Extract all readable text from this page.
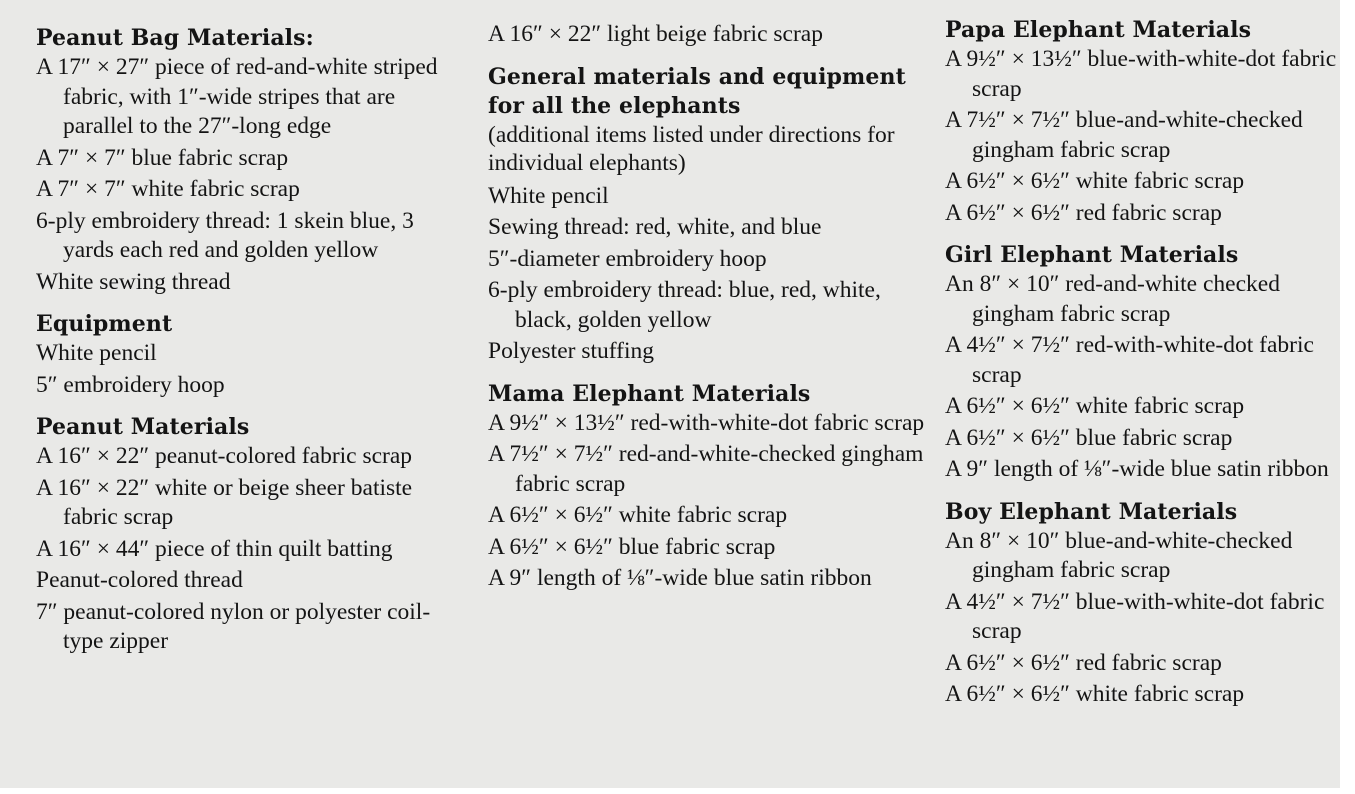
Peanut Bag Materials:
A 17″ × 27″ piece of red-and-white striped fabric, with 1″-wide stripes that are parallel to the 27″-long edge
A 7″ × 7″ blue fabric scrap
A 7″ × 7″ white fabric scrap
6-ply embroidery thread: 1 skein blue, 3 yards each red and golden yellow
White sewing thread
Equipment
White pencil
5″ embroidery hoop
Peanut Materials
A 16″ × 22″ peanut-colored fabric scrap
A 16″ × 22″ white or beige sheer batiste fabric scrap
A 16″ × 44″ piece of thin quilt batting
Peanut-colored thread
7″ peanut-colored nylon or polyester coil-type zipper
A 16″ × 22″ light beige fabric scrap
General materials and equipment for all the elephants
(additional items listed under directions for individual elephants)
White pencil
Sewing thread: red, white, and blue
5″-diameter embroidery hoop
6-ply embroidery thread: blue, red, white, black, golden yellow
Polyester stuffing
Mama Elephant Materials
A 9½″ × 13½″ red-with-white-dot fabric scrap
A 7½″ × 7½″ red-and-white-checked gingham fabric scrap
A 6½″ × 6½″ white fabric scrap
A 6½″ × 6½″ blue fabric scrap
A 9″ length of ⅛″-wide blue satin ribbon
Papa Elephant Materials
A 9½″ × 13½″ blue-with-white-dot fabric scrap
A 7½″ × 7½″ blue-and-white-checked gingham fabric scrap
A 6½″ × 6½″ white fabric scrap
A 6½″ × 6½″ red fabric scrap
Girl Elephant Materials
An 8″ × 10″ red-and-white checked gingham fabric scrap
A 4½″ × 7½″ red-with-white-dot fabric scrap
A 6½″ × 6½″ white fabric scrap
A 6½″ × 6½″ blue fabric scrap
A 9″ length of ⅛″-wide blue satin ribbon
Boy Elephant Materials
An 8″ × 10″ blue-and-white-checked gingham fabric scrap
A 4½″ × 7½″ blue-with-white-dot fabric scrap
A 6½″ × 6½″ red fabric scrap
A 6½″ × 6½″ white fabric scrap
